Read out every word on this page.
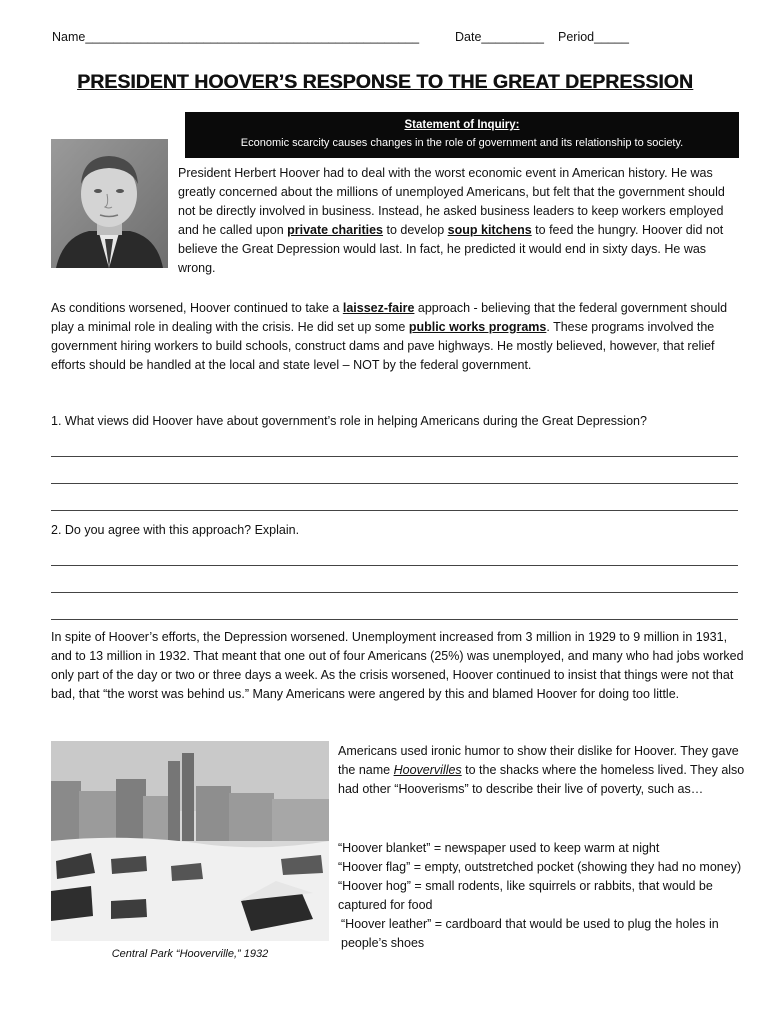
Name________________________________________________	Date_________ Period_____
PRESIDENT HOOVER’S RESPONSE TO THE GREAT DEPRESSION
Statement of Inquiry:
Economic scarcity causes changes in the role of government and its relationship to society.
President Herbert Hoover had to deal with the worst economic event in American history. He was greatly concerned about the millions of unemployed Americans, but felt that the government should not be directly involved in business. Instead, he asked business leaders to keep workers employed and he called upon private charities to develop soup kitchens to feed the hungry. Hoover did not believe the Great Depression would last. In fact, he predicted it would end in sixty days. He was wrong.
As conditions worsened, Hoover continued to take a laissez-faire approach - believing that the federal government should play a minimal role in dealing with the crisis. He did set up some public works programs. These programs involved the government hiring workers to build schools, construct dams and pave highways. He mostly believed, however, that relief efforts should be handled at the local and state level – NOT by the federal government.
1. What views did Hoover have about government’s role in helping Americans during the Great Depression?
2. Do you agree with this approach? Explain.
In spite of Hoover’s efforts, the Depression worsened. Unemployment increased from 3 million in 1929 to 9 million in 1931, and to 13 million in 1932. That meant that one out of four Americans (25%) was unemployed, and many who had jobs worked only part of the day or two or three days a week. As the crisis worsened, Hoover continued to insist that things were not that bad, that “the worst was behind us.” Many Americans were angered by this and blamed Hoover for doing too little.
Central Park “Hooverville,” 1932
Americans used ironic humor to show their dislike for Hoover. They gave the name Hoovervilles to the shacks where the homeless lived. They also had other “Hooverisms” to describe their live of poverty, such as…
“Hoover blanket” = newspaper used to keep warm at night
“Hoover flag” = empty, outstretched pocket (showing they had no money)
“Hoover hog” = small rodents, like squirrels or rabbits, that would be captured for food
“Hoover leather” = cardboard that would be used to plug the holes in people’s shoes
